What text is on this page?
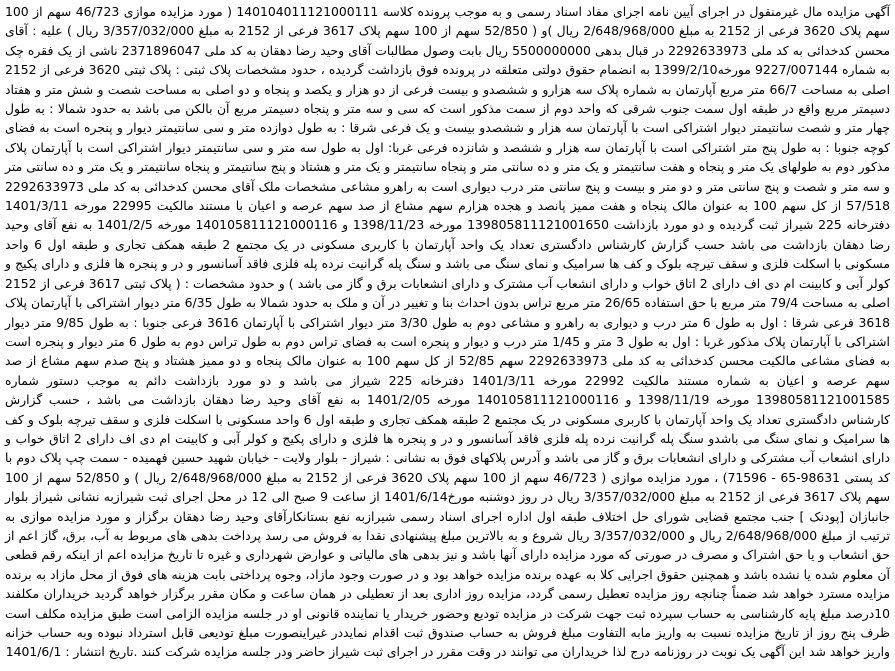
آگهی مزایده مال غیرمنقول در اجرای آیین نامه اجرای مفاد اسناد رسمی و به موجب پرونده کلاسه 140104011121000111 ( مورد مزایده موازی 46/723 سهم از 100 سهم پلاک 3620 فرعی از 2152 به مبلغ 2/648/968/000 ریال )و ( 52/850 سهم از 100 سهم پلاک 3617 فرعی از 2152 به مبلغ 3/357/032/000 ریال ) علیه : آقای محسن کدخدائی به کد ملی 2292633973 در قبال بدهی 5500000000 ریال بابت وصول مطالبات آقای وحید رضا دهقان به کد ملی 2371896047 ناشی از یک فقره چک به شماره 9227/007144 مورخه1399/2/10 به انضمام حقوق دولتی متعلقه در پرونده فوق بازداشت گردیده ، حدود مشخصات پلاک ثبتی : پلاک ثبتی 3620 فرعی از 2152 اصلی به مساحت 66/7 متر مربع آپارتمان به شماره پلاک سه هزارو و ششصدو و بیست فرعی از دو هزار و یکصد و پنجاه و دو اصلی به مساحت شصت و شش متر و هفتاد دسیمتر مربع واقع در طبقه اول سمت جنوب شرقی که واحد دوم از سمت مذکور است که سی و سه متر و پنجاه دسیمتر مربع آن بالکن می باشد به حدود شمالا : به طول چهار متر و شصت سانتیمتر دیوار اشتراکی است با آپارتمان سه هزار و ششصدو بیست و یک فرعی شرقا : به طول دوازده متر و سی سانتیمتر دیوار و پنجره است به فضای کوچه جنوبا : به طول پنج متر اشتراکی است با آپارتمان سه هزار و ششصد و شانزده فرعی غربا: اول به طول سه متر و سی سانتیمتر دیوار اشتراکی است با آپارتمان پلاک مذکور دوم به طولهای یک متر و پنجاه و هفت سانتیمتر و یک متر و ده سانتی متر و پنجاه سانتیمتر و یک متر و هشتاد و پنج سانتیمتر و پنجاه سانتیمتر و یک متر و ده سانتی متر و سه متر و شصت و پنج سانتی متر و دو متر و بیست و پنج سانتی متر درب دیواری است به راهرو مشاعی مشخصات ملک آقای محسن کدخدائی به کد ملی 2292633973 57/518 از کل سهم 100 به عنوان مالک پنجاه و هفت ممیز پانصد و هجده هزارم سهم مشاع از صد سهم عرصه و اعیان با مستند مالکیت 22995 مورخه 1401/3/11 دفترخانه 225 شیراز ثبت گردیده و دو مورد بازداشت 139805811121001650 مورخه 1398/11/23 و 140105811121000116 مورخه 1401/2/5 به نفع آقای وحید رضا دهقان بازداشت می باشد حسب گزارش کارشناس دادگستری تعداد یک واحد آپارتمان با کاربری مسکونی در یک مجتمع 2 طبقه همکف تجاری و طبقه اول 6 واحد مسکونی با اسکلت فلزی و سقف تیرچه بلوک و کف ها سرامیک و نمای سنگ می باشد و سنگ پله گرانیت نرده پله فلزی فاقد آسانسور و در و پنجره ها فلزی و دارای پکیج و کولر آبی و کابینت ام دی اف دارای 2 اتاق خواب و دارای انشعاب آب مشترک و دارای انشعابات برق و گاز می باشد ) و حدود مشخصات : ( پلاک ثبتی 3617 فرعی از 2152 اصلی به مساحت 79/4 متر مربع با حق استفاده 26/65 متر مربع تراس بدون احداث بنا و تغییر در آن و ملک به حدود شمالا به طول 6/35 متر دیوار اشتراکی با آپارتمان پلاک 3618 فرعی شرقا : اول به طول 6 متر درب و دیواری به راهرو و مشاعی دوم به طول 3/30 متر دیوار اشتراکی با آپارتمان 3616 فرعی جنوبا : به طول 9/85 متر دیوار اشتراکی با آپارتمان پلاک مذکور غربا : اول به طول 3 متر و 1/45 متر درب و دیوار و پنجره است به فضای تراس دوم به طول تراس دوم به طول 6 متر دیوار و پنجره است به فضای مشاعی مالکیت محسن کدخدائی به کد ملی 2292633973 سهم 52/85 از کل سهم 100 به عنوان مالک پنجاه و دو ممیز هشتاد و پنج صدم سهم مشاع از صد سهم عرصه و اعیان به شماره مستند مالکیت 22992 مورخه 1401/3/11 دفترخانه 225 شیراز می باشد و دو مورد بازداشت دائم به موجب دستور شماره 13980581121001585 مورخه 1398/11/19 و 140105811121000116 مورخه 1401/2/05 به نفع آقای وحید رضا دهقان بازداشت می باشد ، حسب گزارش کارشناس دادگستری تعداد یک واحد آپارتمان با کاربری مسکونی در یک مجتمع 2 طبقه همکف تجاری و طبقه اول 6 واحد مسکونی با اسکلت فلزی و سقف تیرچه بلوک و کف ها سرامیک و نمای سنگ می باشدو سنگ پله گرانیت نرده پله فلزی فاقد آسانسور و در و پنجره ها فلزی و دارای پکیج و کولر آبی و کابینت ام دی اف دارای 2 اتاق خواب و دارای انشعاب آب مشترکی و دارای انشعابات برق و گاز می باشد و آدرس پلاکهای فوق به نشانی : شیراز - بلوار ولایت - خیابان شهید حسین فهمیده - سمت چپ پلاک دوم با کد پستی 98631-65 - 71596) ، مورد مزایده موازی ( 46/723 سهم از 100 سهم پلاک 3620 فرعی از 2152 به مبلغ 2/648/968/000 ریال ) و 52/850 سهم از 100 سهم پلاک 3617 فرعی از 2152 به مبلغ 3/357/032/000 ریال در روز دوشنبه مورخ1401/6/14 از ساعت 9 صبح الی 12 در محل اجرای ثبت شیرازبه نشانی شیراز بلوار جانبازان [پودنک ] جنب مجتمع قضایی شورای حل اختلاف طبقه اول اداره اجرای اسناد رسمی شیرازبه نفع بستانکارآقای وحید رضا دهقان برگزار و مورد مزایده موازی به ترتیب از مبلغ 2/648/968/000 ریال و 3/357/032/000 ریال شروع و به بالاترین مبلغ پیشنهادی نقدا به فروش می رسد پرداخت بدهی های مربوط به آب، برق، گاز اعم از حق انشعاب و یا حق اشتراک و مصرف در صورتی که مورد مزایده دارای آنها باشد و نیز بدهی های مالیاتی و عوارض شهرداری و غیره تا تاریخ مزایده اعم از اینکه رقم قطعی آن معلوم شده یا نشده باشد و همچنین حقوق اجرایی کلا به عهده برنده مزایده خواهد بود و در صورت وجود مازاد، وجوه پرداختی بابت هزینه های فوق از محل مازاد به برنده مزایده مسترد خواهد شد ضمناً چنانچه روز مزایده تعطیل رسمی گردد، مزایده روز اداری بعد از تعطیلی در همان ساعت و مکان مقرر برگزار خواهد گردید خریداران مکلفند 10درصد مبلغ پایه کارشناسی به حساب سپرده ثبت جهت شرکت در مزایده تودیع وحضور خریدار یا نماینده قانونی او در جلسه مزایده الزامی است طبق مزایده مکلف است ظرف پنج روز از تاریخ مزایده نسبت به واریز مابه التفاوت مبلغ فروش به حساب صندوق ثبت اقدام نمایددر غیراینصورت مبلغ تودیعی قابل استرداد نبوده وبه حساب خزانه واریز خواهد شد این آگهی یک نوبت در روزنامه درج لذا خریداران می توانند در وقت مقرر در اجرای ثبت شیراز حاضر ودر جلسه مزایده شرکت کنند .تاریخ انتشار : 1401/6/1
